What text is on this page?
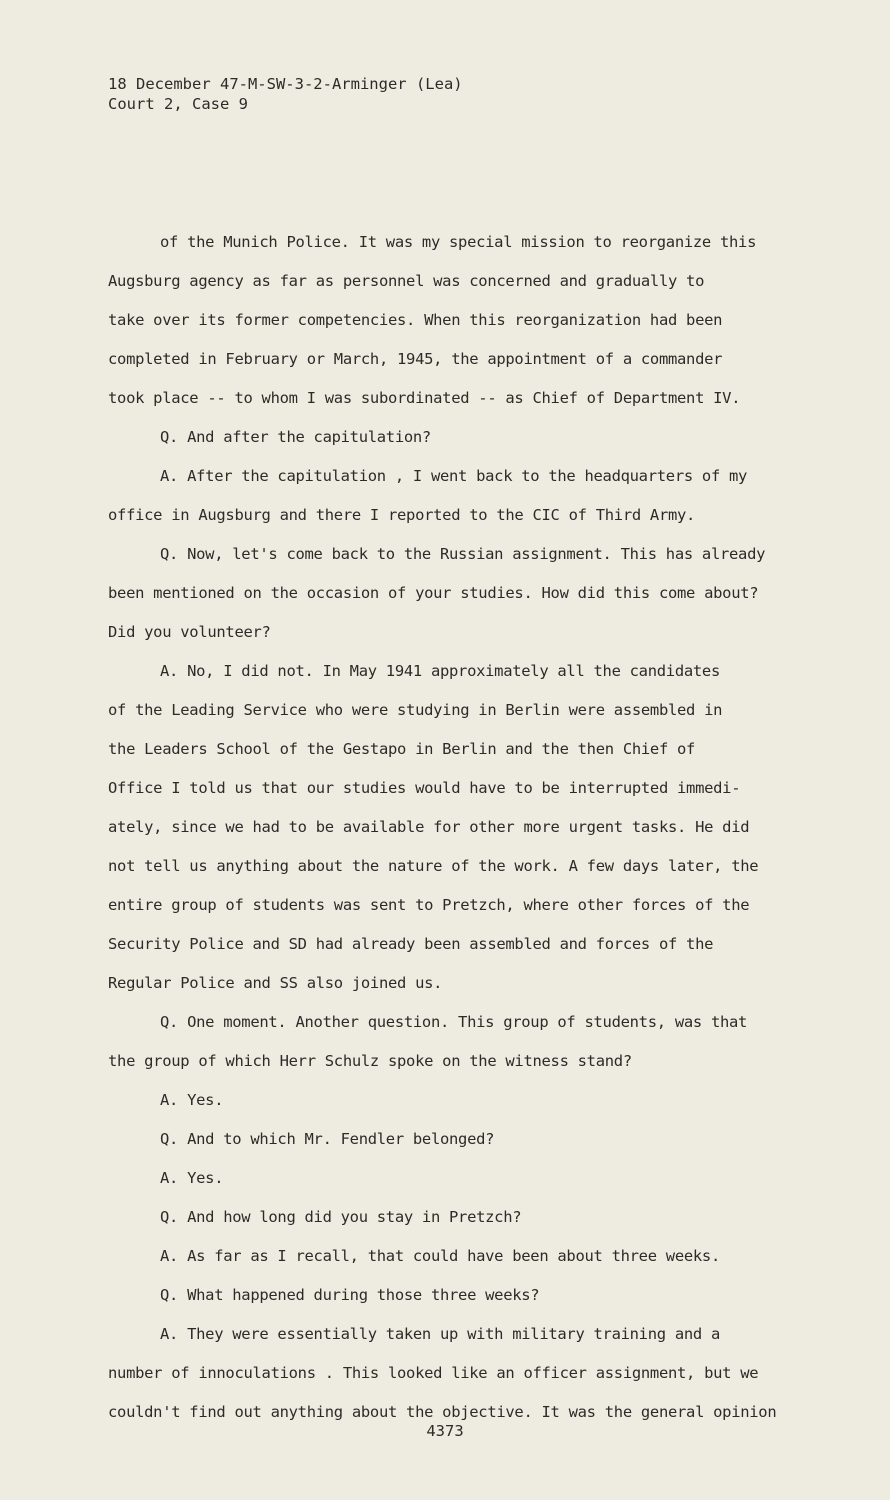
18 December 47-M-SW-3-2-Arminger (Lea)
Court 2, Case 9
of the Munich Police. It was my special mission to reorganize this
Augsburg agency as far as personnel was concerned and gradually to
take over its former competencies. When this reorganization had been
completed in February or March, 1945, the appointment of a commander
took place -- to whom I was subordinated -- as Chief of Department IV.
Q. And after the capitulation?
A. After the capitulation , I went back to the headquarters of my
office in Augsburg and there I reported to the CIC of Third Army.
Q. Now, let's come back to the Russian assignment. This has already
been mentioned on the occasion of your studies. How did this come about?
Did you volunteer?
A. No, I did not. In May 1941 approximately all the candidates
of the Leading Service who were studying in Berlin were assembled in
the Leaders School of the Gestapo in Berlin and the then Chief of
Office I told us that our studies would have to be interrupted immedi-
ately, since we had to be available for other more urgent tasks. He did
not tell us anything about the nature of the work. A few days later, the
entire group of students was sent to Pretzch, where other forces of the
Security Police and SD had already been assembled and forces of the
Regular Police and SS also joined us.
Q. One moment. Another question. This group of students, was that
the group of which Herr Schulz spoke on the witness stand?
A. Yes.
Q. And to which Mr. Fendler belonged?
A. Yes.
Q. And how long did you stay in Pretzch?
A. As far as I recall, that could have been about three weeks.
Q. What happened during those three weeks?
A. They were essentially taken up with military training and a
number of innoculations . This looked like an officer assignment, but we
couldn't find out anything about the objective. It was the general opinion
4373
